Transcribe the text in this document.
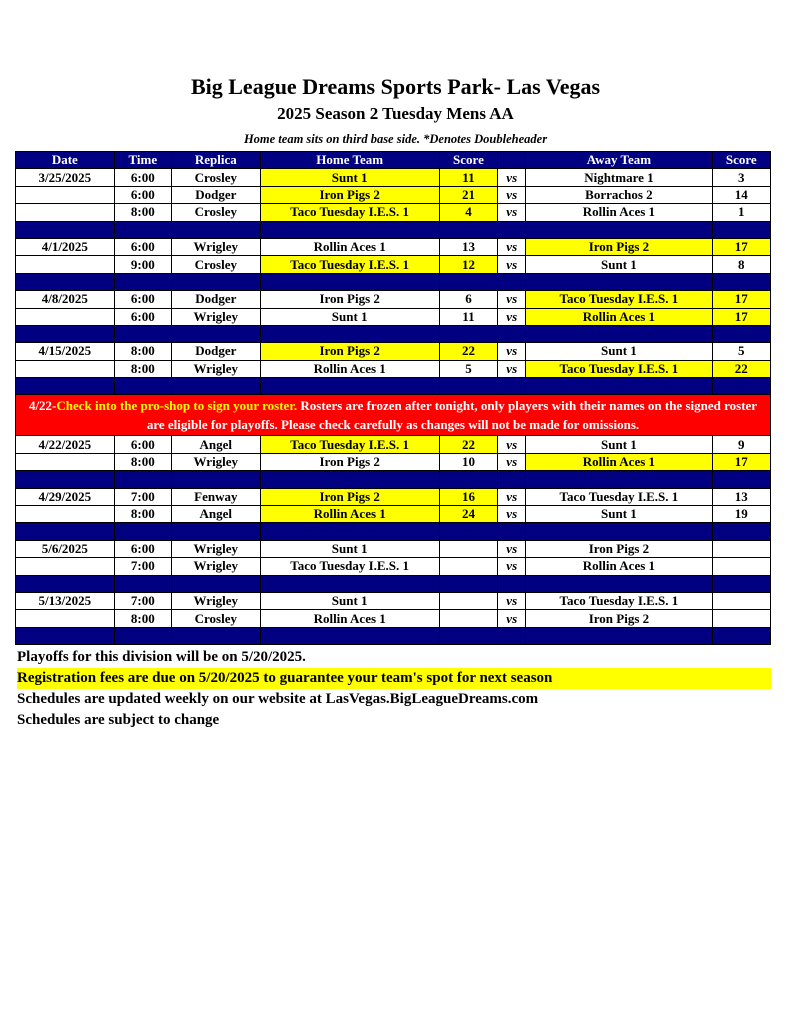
Big League Dreams Sports Park- Las Vegas
2025 Season 2 Tuesday Mens AA
Home team sits on third base side. *Denotes Doubleheader
Date	Time	Replica	Home Team	Score		Away Team	Score
3/25/2025	6:00	Crosley	Sunt 1	11	vs	Nightmare 1	3
	6:00	Dodger	Iron Pigs 2	21	vs	Borrachos 2	14
	8:00	Crosley	Taco Tuesday I.E.S. 1	4	vs	Rollin Aces 1	1

4/1/2025	6:00	Wrigley	Rollin Aces 1	13	vs	Iron Pigs 2	17
	9:00	Crosley	Taco Tuesday I.E.S. 1	12	vs	Sunt 1	8

4/8/2025	6:00	Dodger	Iron Pigs 2	6	vs	Taco Tuesday I.E.S. 1	17
	6:00	Wrigley	Sunt 1	11	vs	Rollin Aces 1	17

4/15/2025	8:00	Dodger	Iron Pigs 2	22	vs	Sunt 1	5
	8:00	Wrigley	Rollin Aces 1	5	vs	Taco Tuesday I.E.S. 1	22

4/22-Check into the pro-shop to sign your roster. Rosters are frozen after tonight, only players with their names on the signed roster are eligible for playoffs. Please check carefully as changes will not be made for omissions.							
4/22/2025	6:00	Angel	Taco Tuesday I.E.S. 1	22	vs	Sunt 1	9
	8:00	Wrigley	Iron Pigs 2	10	vs	Rollin Aces 1	17

4/29/2025	7:00	Fenway	Iron Pigs 2	16	vs	Taco Tuesday I.E.S. 1	13
	8:00	Angel	Rollin Aces 1	24	vs	Sunt 1	19

5/6/2025	6:00	Wrigley	Sunt 1		vs	Iron Pigs 2	
	7:00	Wrigley	Taco Tuesday I.E.S. 1		vs	Rollin Aces 1	

5/13/2025	7:00	Wrigley	Sunt 1		vs	Taco Tuesday I.E.S. 1	
	8:00	Crosley	Rollin Aces 1		vs	Iron Pigs 2	

Playoffs for this division will be on 5/20/2025.
Registration fees are due on 5/20/2025 to guarantee your team's spot for next season
Schedules are updated weekly on our website at LasVegas.BigLeagueDreams.com
Schedules are subject to change
